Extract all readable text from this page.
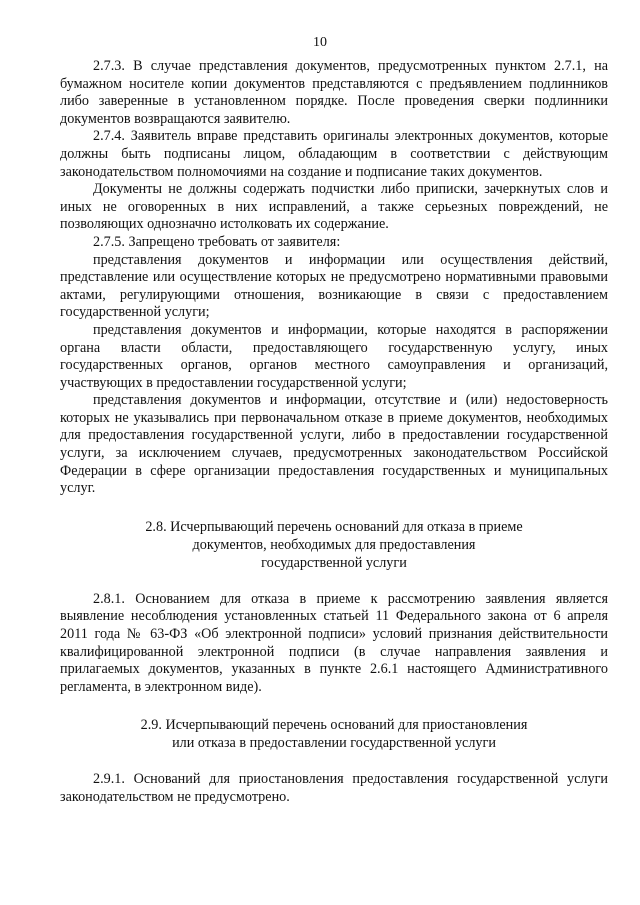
10

2.7.3. В случае представления документов, предусмотренных пунктом 2.7.1, на бумажном носителе копии документов представляются с предъявлением подлинников либо заверенные в установленном порядке. После проведения сверки подлинники документов возвращаются заявителю.

2.7.4. Заявитель вправе представить оригиналы электронных документов, которые должны быть подписаны лицом, обладающим в соответствии с действующим законодательством полномочиями на создание и подписание таких документов.

Документы не должны содержать подчистки либо приписки, зачеркнутых слов и иных не оговоренных в них исправлений, а также серьезных повреждений, не позволяющих однозначно истолковать их содержание.

2.7.5. Запрещено требовать от заявителя:

представления документов и информации или осуществления действий, представление или осуществление которых не предусмотрено нормативными правовыми актами, регулирующими отношения, возникающие в связи с предоставлением государственной услуги;

представления документов и информации, которые находятся в распоряжении органа власти области, предоставляющего государственную услугу, иных государственных органов, органов местного самоуправления и организаций, участвующих в предоставлении государственной услуги;

представления документов и информации, отсутствие и (или) недостоверность которых не указывались при первоначальном отказе в приеме документов, необходимых для предоставления государственной услуги, либо в предоставлении государственной услуги, за исключением случаев, предусмотренных законодательством Российской Федерации в сфере организации предоставления государственных и муниципальных услуг.

2.8. Исчерпывающий перечень оснований для отказа в приеме
документов, необходимых для предоставления
государственной услуги

2.8.1. Основанием для отказа в приеме к рассмотрению заявления является выявление несоблюдения установленных статьей 11 Федерального закона от 6 апреля 2011 года № 63-ФЗ «Об электронной подписи» условий признания действительности квалифицированной электронной подписи (в случае направления заявления и прилагаемых документов, указанных в пункте 2.6.1 настоящего Административного регламента, в электронном виде).

2.9. Исчерпывающий перечень оснований для приостановления
или отказа в предоставлении государственной услуги

2.9.1. Оснований для приостановления предоставления государственной услуги законодательством не предусмотрено.
